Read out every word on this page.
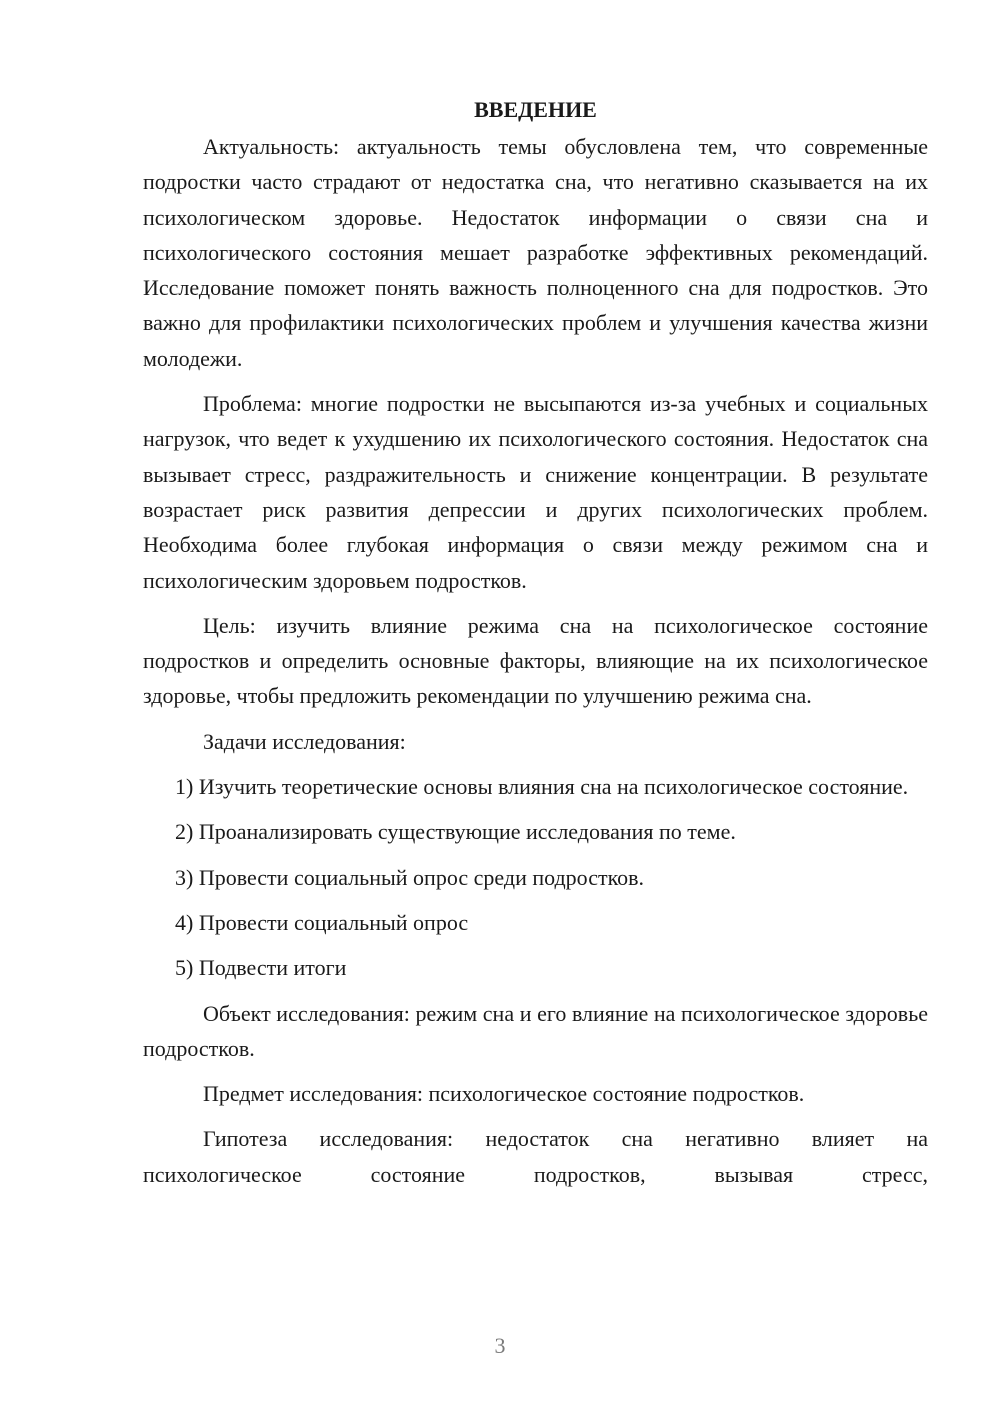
ВВЕДЕНИЕ

Актуальность: актуальность темы обусловлена тем, что современные подростки часто страдают от недостатка сна, что негативно сказывается на их психологическом здоровье. Недостаток информации о связи сна и психологического состояния мешает разработке эффективных рекомендаций. Исследование поможет понять важность полноценного сна для подростков. Это важно для профилактики психологических проблем и улучшения качества жизни молодежи.

Проблема: многие подростки не высыпаются из-за учебных и социальных нагрузок, что ведет к ухудшению их психологического состояния. Недостаток сна вызывает стресс, раздражительность и снижение концентрации. В результате возрастает риск развития депрессии и других психологических проблем. Необходима более глубокая информация о связи между режимом сна и психологическим здоровьем подростков.

Цель: изучить влияние режима сна на психологическое состояние подростков и определить основные факторы, влияющие на их психологическое здоровье, чтобы предложить рекомендации по улучшению режима сна.

Задачи исследования:

1) Изучить теоретические основы влияния сна на психологическое состояние.

2) Проанализировать существующие исследования по теме.

3) Провести социальный опрос среди подростков.

4) Провести социальный опрос

5) Подвести итоги

Объект исследования: режим сна и его влияние на психологическое здоровье подростков.

Предмет исследования: психологическое состояние подростков.

Гипотеза исследования: недостаток сна негативно влияет на психологическое состояние подростков, вызывая стресс,

3
